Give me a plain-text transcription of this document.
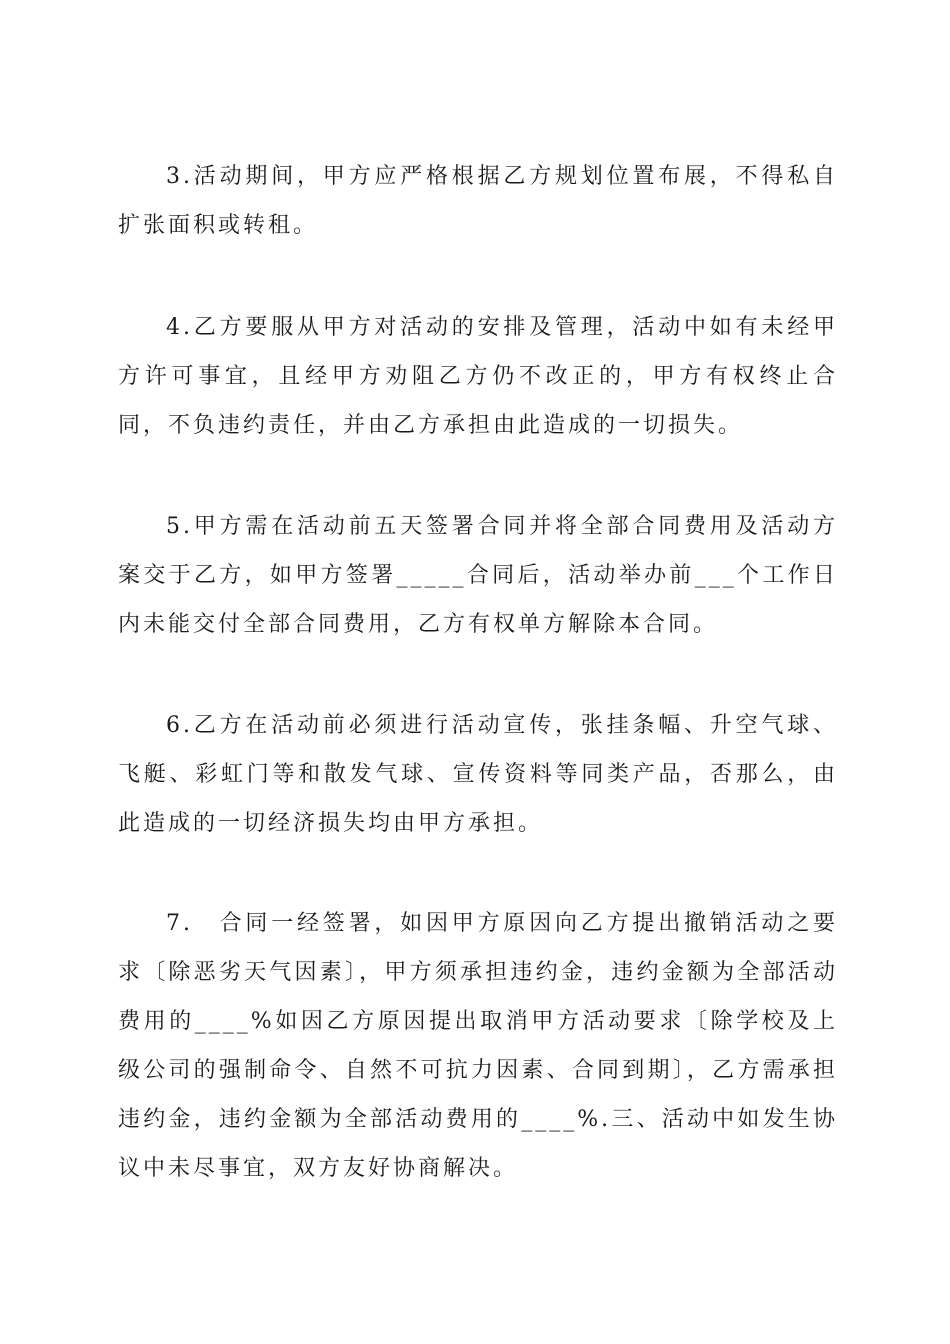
3.活动期间，甲方应严格根据乙方规划位置布展，不得私自扩张面积或转租。

4.乙方要服从甲方对活动的安排及管理，活动中如有未经甲方许可事宜，且经甲方劝阻乙方仍不改正的，甲方有权终止合同，不负违约责任，并由乙方承担由此造成的一切损失。

5.甲方需在活动前五天签署合同并将全部合同费用及活动方案交于乙方，如甲方签署_____合同后，活动举办前___个工作日内未能交付全部合同费用，乙方有权单方解除本合同。

6.乙方在活动前必须进行活动宣传，张挂条幅、升空气球、飞艇、彩虹门等和散发气球、宣传资料等同类产品，否那么，由此造成的一切经济损失均由甲方承担。

7.　合同一经签署，如因甲方原因向乙方提出撤销活动之要求〔除恶劣天气因素〕，甲方须承担违约金，违约金额为全部活动费用的____%如因乙方原因提出取消甲方活动要求〔除学校及上级公司的强制命令、自然不可抗力因素、合同到期〕，乙方需承担违约金，违约金额为全部活动费用的____%.三、活动中如发生协议中未尽事宜，双方友好协商解决。
